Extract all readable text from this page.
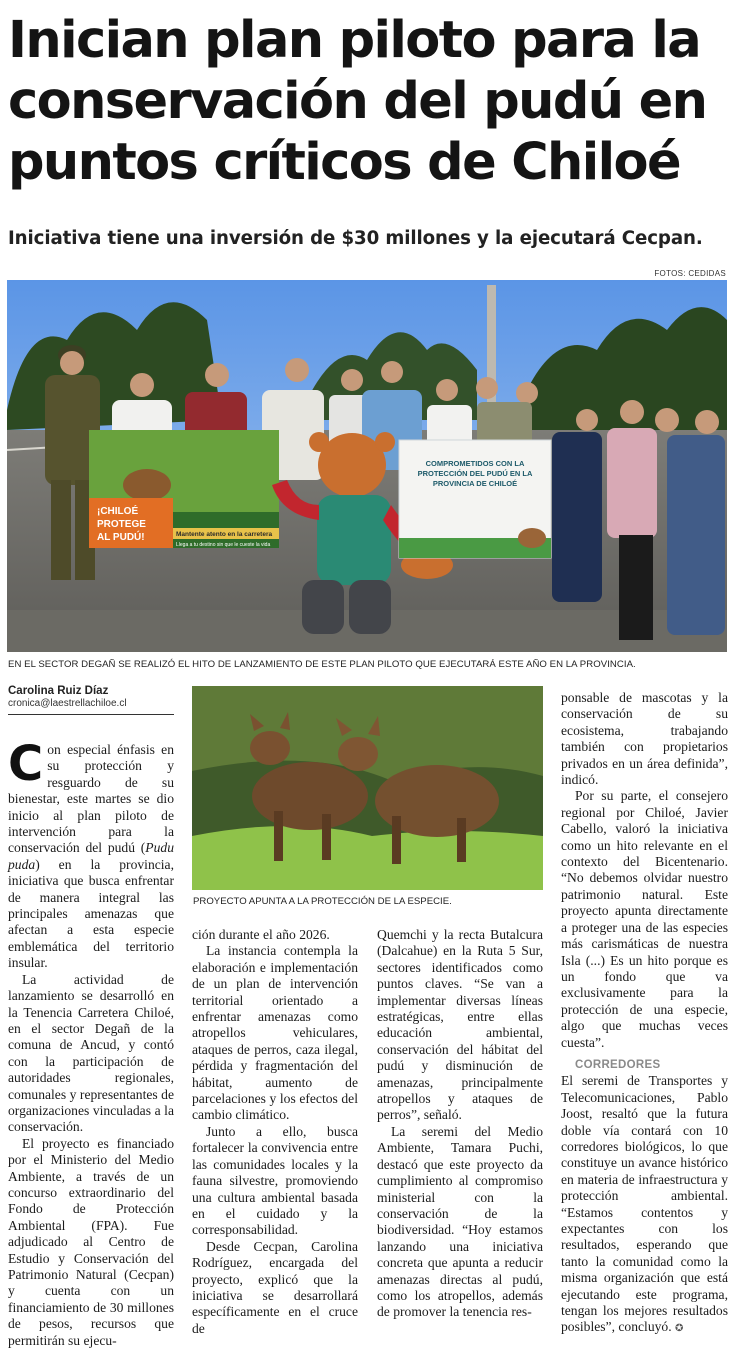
Inician plan piloto para la conservación del pudú en puntos críticos de Chiloé
Iniciativa tiene una inversión de $30 millones y la ejecutará Cecpan.
FOTOS: CEDIDAS
¡CHILOÉ
PROTEGE
AL PUDÚ!	Mantente atento en la carretera
Llega a tu destino sin que le cueste la vida
COMPROMETIDOS CON LA
PROTECCIÓN DEL PUDÚ EN LA
PROVINCIA DE CHILOÉ
EN EL SECTOR DEGAÑ SE REALIZÓ EL HITO DE LANZAMIENTO DE ESTE PLAN PILOTO QUE EJECUTARÁ ESTE AÑO EN LA PROVINCIA.
Carolina Ruiz Díaz
cronica@laestrellachiloe.cl

Con especial énfasis en su protección y resguardo de su bienestar, este martes se dio inicio al plan piloto de intervención para la conservación del pudú (Pudu puda) en la provincia, iniciativa que busca enfrentar de manera integral las principales amenazas que afectan a esta especie emblemática del territorio insular.

La actividad de lanzamiento se desarrolló en la Tenencia Carretera Chiloé, en el sector Degañ de la comuna de Ancud, y contó con la participación de autoridades regionales, comunales y representantes de organizaciones vinculadas a la conservación.

El proyecto es financiado por el Ministerio del Medio Ambiente, a través de un concurso extraordinario del Fondo de Protección Ambiental (FPA). Fue adjudicado al Centro de Estudio y Conservación del Patrimonio Natural (Cecpan) y cuenta con un financiamiento de 30 millones de pesos, recursos que permitirán su ejecu-

PROYECTO APUNTA A LA PROTECCIÓN DE LA ESPECIE.

ción durante el año 2026.

La instancia contempla la elaboración e implementación de un plan de intervención territorial orientado a enfrentar amenazas como atropellos vehiculares, ataques de perros, caza ilegal, pérdida y fragmentación del hábitat, aumento de parcelaciones y los efectos del cambio climático.

Junto a ello, busca fortalecer la convivencia entre las comunidades locales y la fauna silvestre, promoviendo una cultura ambiental basada en el cuidado y la corresponsabilidad.

Desde Cecpan, Carolina Rodríguez, encargada del proyecto, explicó que la iniciativa se desarrollará específicamente en el cruce de

Quemchi y la recta Butalcura (Dalcahue) en la Ruta 5 Sur, sectores identificados como puntos claves. “Se van a implementar diversas líneas estratégicas, entre ellas educación ambiental, conservación del hábitat del pudú y disminución de amenazas, principalmente atropellos y ataques de perros”, señaló.

La seremi del Medio Ambiente, Tamara Puchi, destacó que este proyecto da cumplimiento al compromiso ministerial con la conservación de la biodiversidad. “Hoy estamos lanzando una iniciativa concreta que apunta a reducir amenazas directas al pudú, como los atropellos, además de promover la tenencia res-

ponsable de mascotas y la conservación de su ecosistema, trabajando también con propietarios privados en un área definida”, indicó.

Por su parte, el consejero regional por Chiloé, Javier Cabello, valoró la iniciativa como un hito relevante en el contexto del Bicentenario. “No debemos olvidar nuestro patrimonio natural. Este proyecto apunta directamente a proteger una de las especies más carismáticas de nuestra Isla (...) Es un hito porque es un fondo que va exclusivamente para la protección de una especie, algo que muchas veces cuesta”.

CORREDORES

El seremi de Transportes y Telecomunicaciones, Pablo Joost, resaltó que la futura doble vía contará con 10 corredores biológicos, lo que constituye un avance histórico en materia de infraestructura y protección ambiental. “Estamos contentos y expectantes con los resultados, esperando que tanto la comunidad como la misma organización que está ejecutando este programa, tengan los mejores resultados posibles”, concluyó. ✪
